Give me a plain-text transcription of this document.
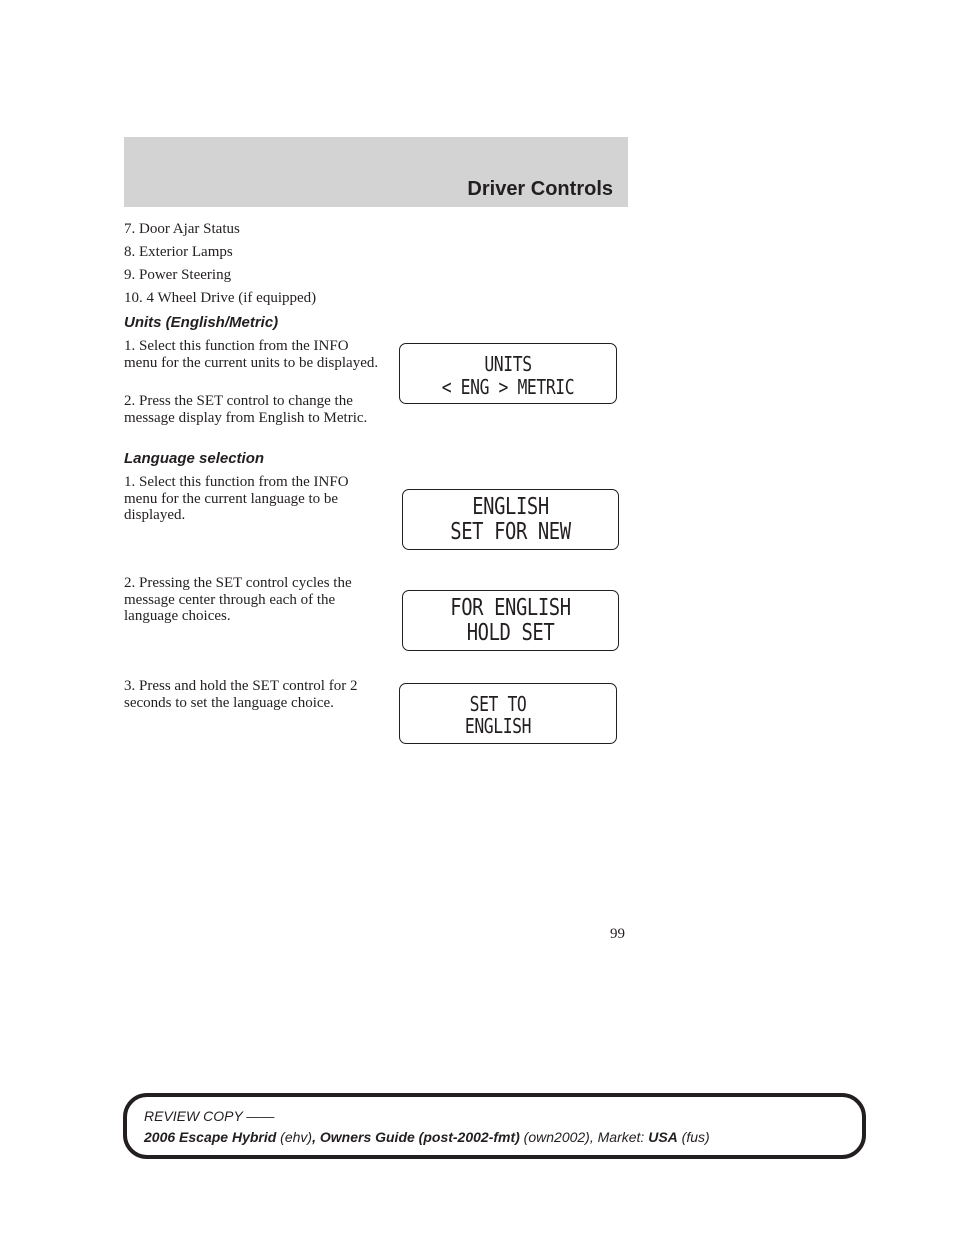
Driver Controls
7. Door Ajar Status
8. Exterior Lamps
9. Power Steering
10. 4 Wheel Drive (if equipped)
Units (English/Metric)
1. Select this function from the INFO menu for the current units to be displayed.
2. Press the SET control to change the message display from English to Metric.
UNITS
< ENG > METRIC
Language selection
1. Select this function from the INFO menu for the current language to be displayed.	ENGLISH
SET FOR NEW
2. Pressing the SET control cycles the message center through each of the language choices.	FOR ENGLISH
HOLD SET
3. Press and hold the SET control for 2 seconds to set the language choice.	SET TO
ENGLISH
99
REVIEW COPY ——
2006 Escape Hybrid (ehv), Owners Guide (post-2002-fmt) (own2002), Market: USA (fus)
